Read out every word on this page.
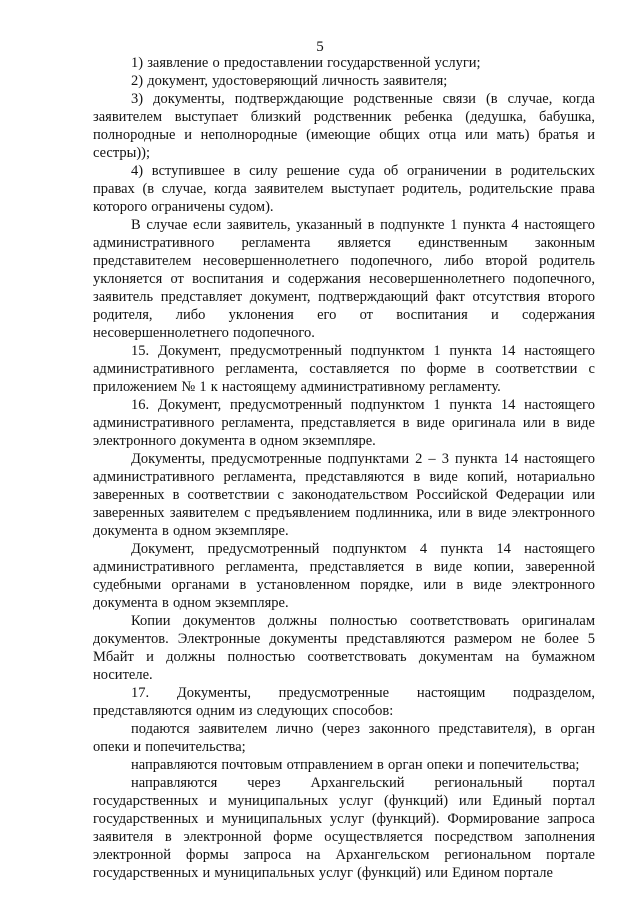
5

1) заявление о предоставлении государственной услуги;

2) документ, удостоверяющий личность заявителя;

3) документы, подтверждающие родственные связи (в случае, когда заявителем выступает близкий родственник ребенка (дедушка, бабушка, полнородные и неполнородные (имеющие общих отца или мать) братья и сестры));

4) вступившее в силу решение суда об ограничении в родительских правах (в случае, когда заявителем выступает родитель, родительские права которого ограничены судом).

В случае если заявитель, указанный в подпункте 1 пункта 4 настоящего административного регламента является единственным законным представителем несовершеннолетнего подопечного, либо второй родитель уклоняется от воспитания и содержания несовершеннолетнего подопечного, заявитель представляет документ, подтверждающий факт отсутствия второго родителя, либо уклонения его от воспитания и содержания несовершеннолетнего подопечного.

15. Документ, предусмотренный подпунктом 1 пункта 14 настоящего административного регламента, составляется по форме в соответствии с приложением № 1 к настоящему административному регламенту.

16. Документ, предусмотренный подпунктом 1 пункта 14 настоящего административного регламента, представляется в виде оригинала или в виде электронного документа в одном экземпляре.

Документы, предусмотренные подпунктами 2 – 3 пункта 14 настоящего административного регламента, представляются в виде копий, нотариально заверенных в соответствии с законодательством Российской Федерации или заверенных заявителем с предъявлением подлинника, или в виде электронного документа в одном экземпляре.

Документ, предусмотренный подпунктом 4 пункта 14 настоящего административного регламента, представляется в виде копии, заверенной судебными органами в установленном порядке, или в виде электронного документа в одном экземпляре.

Копии документов должны полностью соответствовать оригиналам документов. Электронные документы представляются размером не более 5 Мбайт и должны полностью соответствовать документам на бумажном носителе.

17. Документы, предусмотренные настоящим подразделом, представляются одним из следующих способов:

подаются заявителем лично (через законного представителя), в орган опеки и попечительства;

направляются почтовым отправлением в орган опеки и попечительства;

направляются через Архангельский региональный портал государственных и муниципальных услуг (функций) или Единый портал государственных и муниципальных услуг (функций). Формирование запроса заявителя в электронной форме осуществляется посредством заполнения электронной формы запроса на Архангельском региональном портале государственных и муниципальных услуг (функций) или Едином портале
